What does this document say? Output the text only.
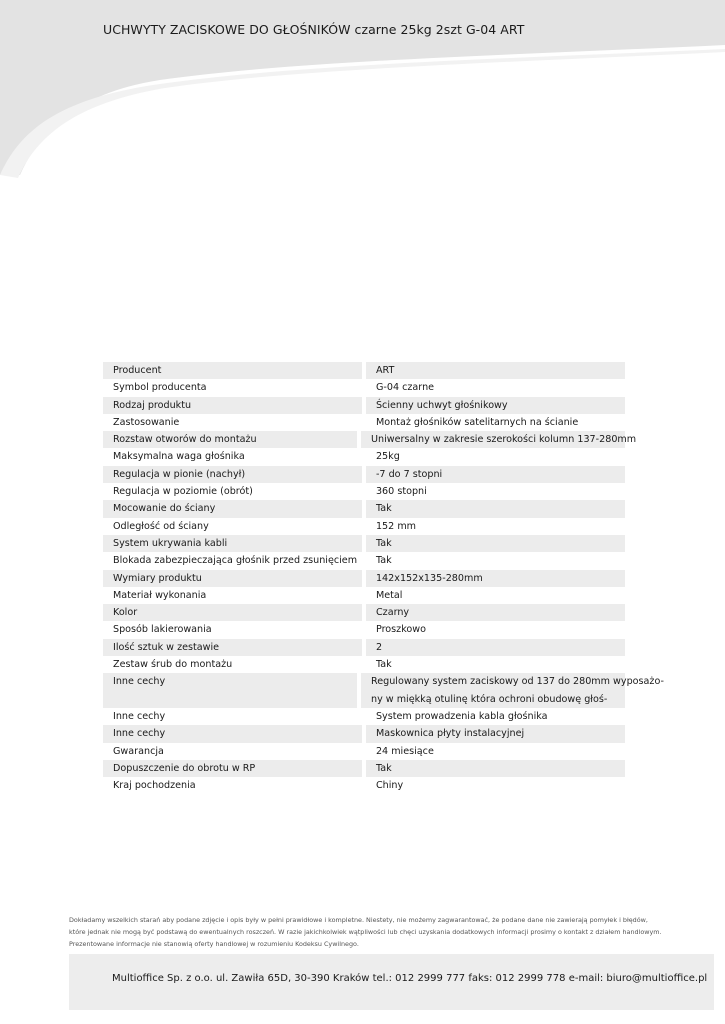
UCHWYTY ZACISKOWE DO GŁOŚNIKÓW czarne 25kg 2szt G-04 ART
Producent	ART
Symbol producenta	G-04 czarne
Rodzaj produktu	Ścienny uchwyt głośnikowy
Zastosowanie	Montaż głośników satelitarnych na ścianie
Rozstaw otworów do montażu	Uniwersalny w zakresie szerokości kolumn 137-280mm
Maksymalna waga głośnika	25kg
Regulacja w pionie (nachył)	-7 do 7 stopni
Regulacja w poziomie (obrót)	360 stopni
Mocowanie do ściany	Tak
Odległość od ściany	152 mm
System ukrywania kabli	Tak
Blokada zabezpieczająca głośnik przed zsunięciem	Tak
Wymiary produktu	142x152x135-280mm
Materiał wykonania	Metal
Kolor	Czarny
Sposób lakierowania	Proszkowo
Ilość sztuk w zestawie	2
Zestaw śrub do montażu	Tak
Inne cechy	Regulowany system zaciskowy od 137 do 280mm wyposażo-
ny w miękką otulinę która ochroni obudowę głoś-
Inne cechy	System prowadzenia kabla głośnika
Inne cechy	Maskownica płyty instalacyjnej
Gwarancja	24 miesiące
Dopuszczenie do obrotu w RP	Tak
Kraj pochodzenia	Chiny
Dokładamy wszelkich starań aby podane zdjęcie i opis były w pełni prawidłowe i kompletne. Niestety, nie możemy zagwarantować, że podane dane nie zawierają pomyłek i błędów,
które jednak nie mogą być podstawą do ewentualnych roszczeń. W razie jakichkolwiek wątpliwości lub chęci uzyskania dodatkowych informacji prosimy o kontakt z działem handlowym.
Prezentowane informacje nie stanowią oferty handlowej w rozumieniu Kodeksu Cywilnego.
Multioffice Sp. z o.o. ul. Zawiła 65D, 30-390 Kraków tel.: 012 2999 777 faks: 012 2999 778 e-mail: biuro@multioffice.pl
